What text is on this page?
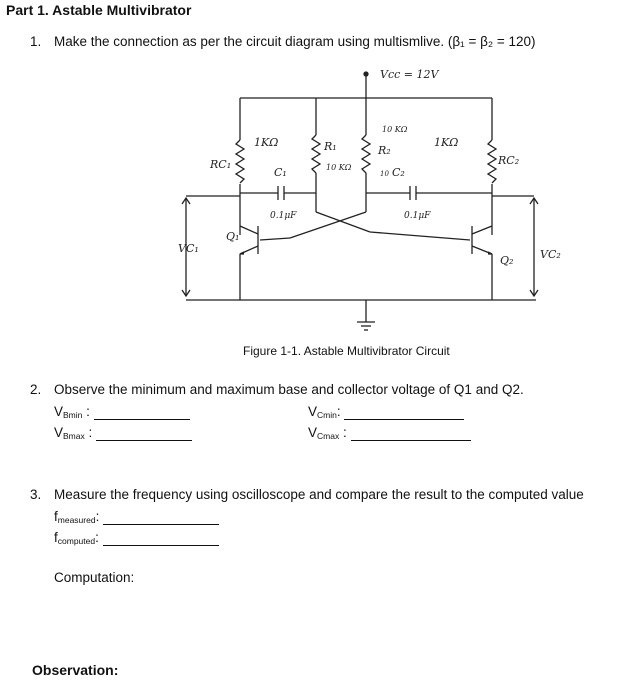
Part 1. Astable Multivibrator
1. Make the connection as per the circuit diagram using multismlive. (β₁ = β₂ = 120)
Vcc = 12V
RC₁
1KΩ	R₁
10 KΩ
R₂
10 KΩ
1KΩ
RC₂
C₁
0.1μF
10 C₂
0.1μF
Q₁
Q₂
VC₁	VC₂
Figure 1-1. Astable Multivibrator Circuit
2. Observe the minimum and maximum base and collector voltage of Q1 and Q2.
$V_{Bmin}$ :
$V_{Bmax}$ :
$V_{Cmin}$:
$V_{Cmax}$ :
3. Measure the frequency using oscilloscope and compare the result to the computed value
$f_{measured}$:
$f_{computed}$:
Computation:
Observation:
